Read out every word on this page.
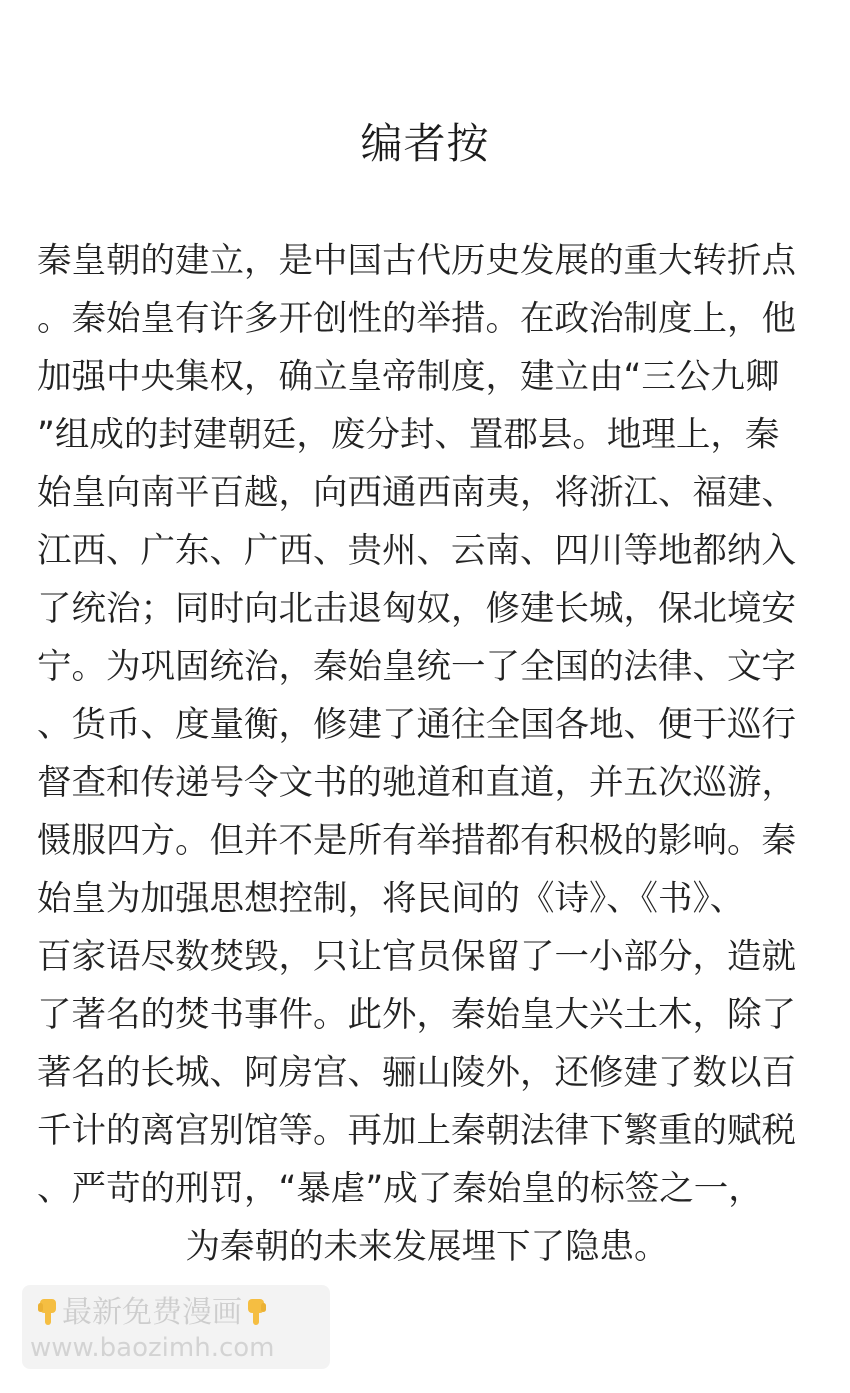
编者按
秦皇朝的建立，是中国古代历史发展的重大转折点
。秦始皇有许多开创性的举措。在政治制度上，他
加强中央集权，确立皇帝制度，建立由“三公九卿
”组成的封建朝廷，废分封、置郡县。地理上，秦
始皇向南平百越，向西通西南夷，将浙江、福建、
江西、广东、广西、贵州、云南、四川等地都纳入
了统治；同时向北击退匈奴，修建长城，保北境安
宁。为巩固统治，秦始皇统一了全国的法律、文字
、货币、度量衡，修建了通往全国各地、便于巡行
督查和传递号令文书的驰道和直道，并五次巡游，
慑服四方。但并不是所有举措都有积极的影响。秦
始皇为加强思想控制，将民间的《诗》、《书》、
百家语尽数焚毁，只让官员保留了一小部分，造就
了著名的焚书事件。此外，秦始皇大兴土木，除了
著名的长城、阿房宫、骊山陵外，还修建了数以百
千计的离宫别馆等。再加上秦朝法律下繁重的赋税
、严苛的刑罚，“暴虐”成了秦始皇的标签之一，
为秦朝的未来发展埋下了隐患。
最新免费漫画
www.baozimh.com
